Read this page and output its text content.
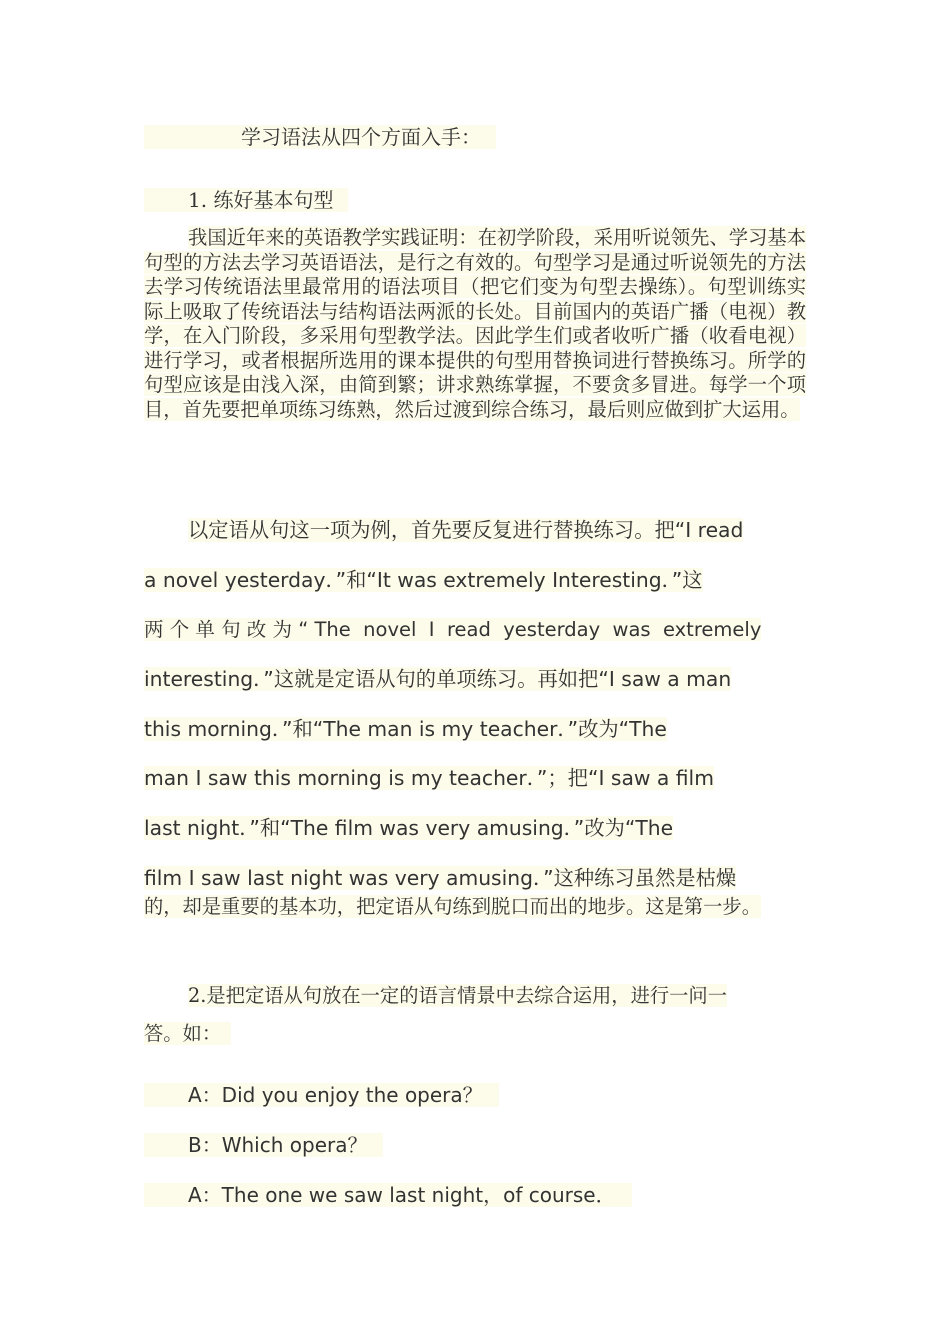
学习语法从四个方面入手：
1. 练好基本句型

我国近年来的英语教学实践证明：在初学阶段，采用听说领先、学习基本句型的方法去学习英语语法，是行之有效的。句型学习是通过听说领先的方法去学习传统语法里最常用的语法项目（把它们变为句型去操练）。句型训练实际上吸取了传统语法与结构语法两派的长处。目前国内的英语广播（电视）教学，在入门阶段，多采用句型教学法。因此学生们或者收听广播（收看电视）进行学习，或者根据所选用的课本提供的句型用替换词进行替换练习。所学的句型应该是由浅入深，由简到繁；讲求熟练掌握，不要贪多冒进。每学一个项目，首先要把单项练习练熟，然后过渡到综合练习，最后则应做到扩大运用。

以定语从句这一项为例，首先要反复进行替换练习。把“I read
a novel yesterday．”和“It was extremely Interesting．”这
两 个 单 句 改 为 “ The  novel  I  read  yesterday  was  extremely
interesting．”这就是定语从句的单项练习。再如把“I saw a man
this morning．”和“The man is my teacher．”改为“The
man I saw this morning is my teacher．”；把“I saw a film
last night．”和“The film was very amusing．”改为“The
film I saw last night was very amusing．”这种练习虽然是枯燥
的，却是重要的基本功，把定语从句练到脱口而出的地步。这是第一步。
2.是把定语从句放在一定的语言情景中去综合运用，进行一问一
答。如：
A：Did you enjoy the opera？
B：Which opera？
A：The one we saw last night，of course．
